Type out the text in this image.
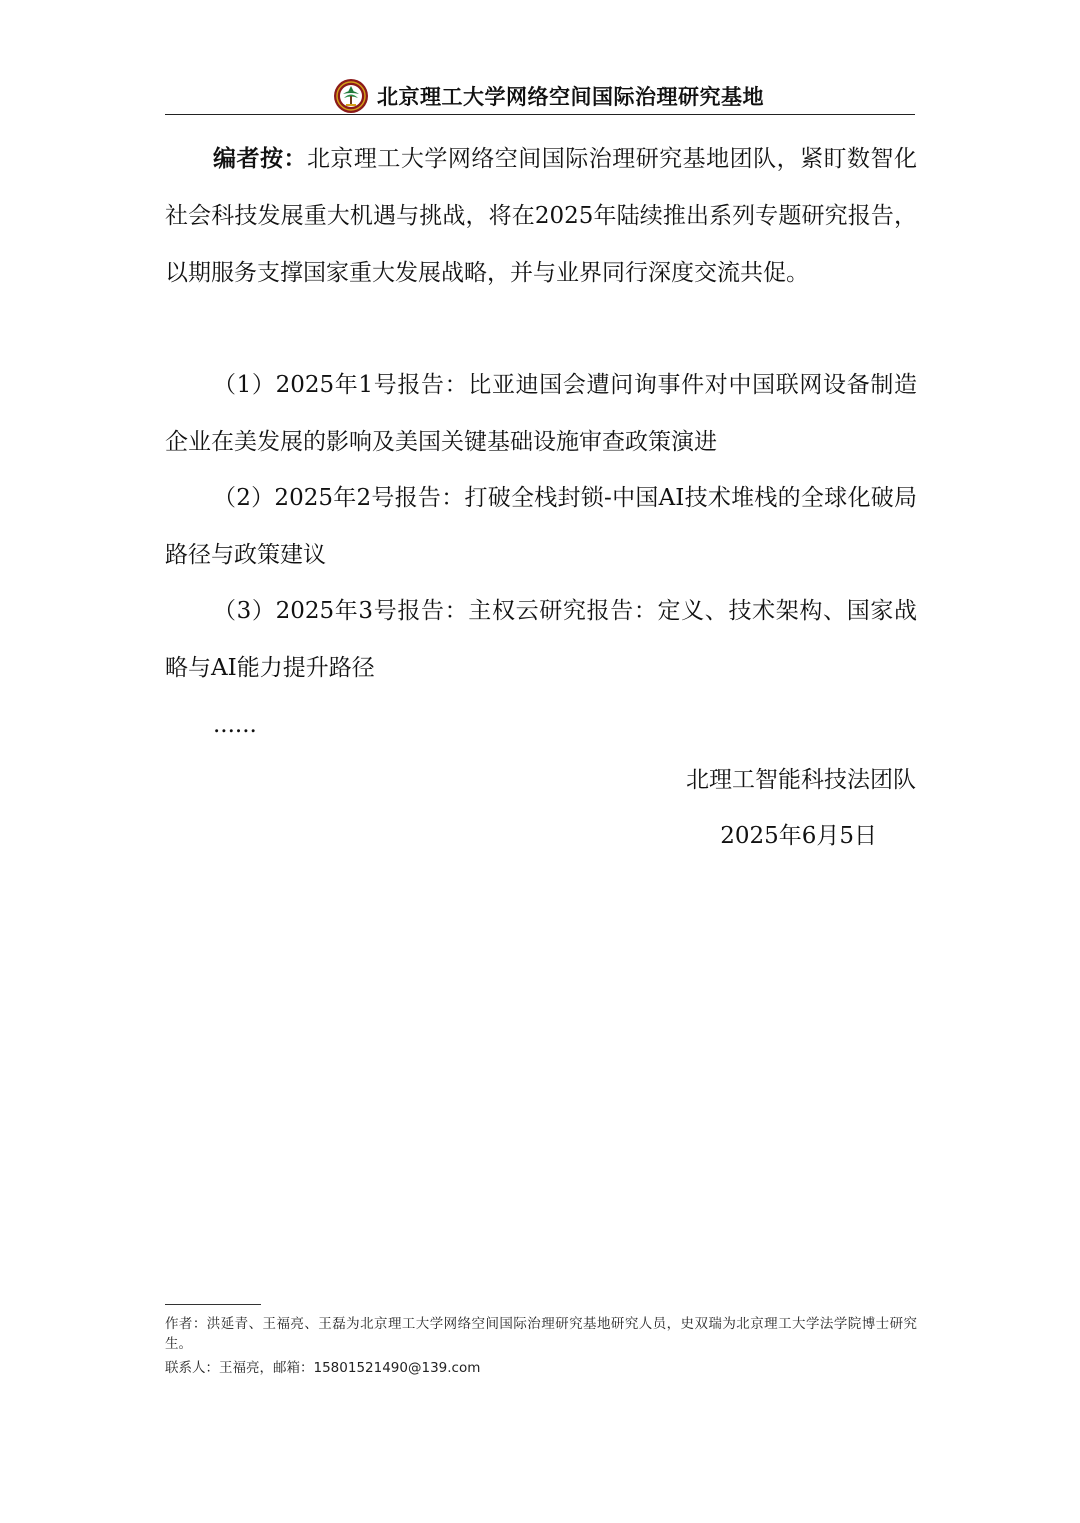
北京理工大学网络空间国际治理研究基地

编者按：北京理工大学网络空间国际治理研究基地团队，紧盯数智化社会科技发展重大机遇与挑战，将在2025年陆续推出系列专题研究报告，以期服务支撑国家重大发展战略，并与业界同行深度交流共促。

（1）2025年1号报告：比亚迪国会遭问询事件对中国联网设备制造企业在美发展的影响及美国关键基础设施审查政策演进

（2）2025年2号报告：打破全栈封锁-中国AI技术堆栈的全球化破局路径与政策建议

（3）2025年3号报告：主权云研究报告：定义、技术架构、国家战略与AI能力提升路径

......

北理工智能科技法团队
2025年6月5日
作者：洪延青、王福亮、王磊为北京理工大学网络空间国际治理研究基地研究人员，史双瑞为北京理工大学法学院博士研究生。
联系人：王福亮，邮箱：15801521490@139.com
